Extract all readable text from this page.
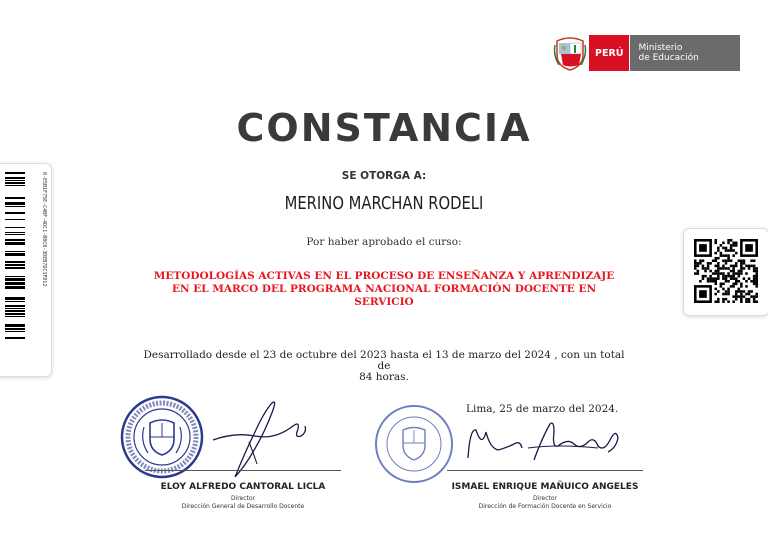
PERÚ	Ministerio
de Educación
0-E5B1F75E-C4BF-4DC1-B8C8-3DEB7DC3FD12
CONSTANCIA
SE OTORGA A:
MERINO MARCHAN RODELI
Por haber aprobado el curso:
METODOLOGÍAS ACTIVAS EN EL PROCESO DE ENSEÑANZA Y APRENDIZAJE
EN EL MARCO DEL PROGRAMA NACIONAL FORMACIÓN DOCENTE EN
SERVICIO
Desarrollado desde el 23 de octubre del 2023 hasta el 13 de marzo del 2024 , con un total de
84 horas.
Lima, 25 de marzo del 2024.
ELOY ALFREDO CANTORAL LICLA
Director
Dirección General de Desarrollo Docente
ISMAEL ENRIQUE MAÑUICO ANGELES
Director
Dirección de Formación Docente en Servicio
